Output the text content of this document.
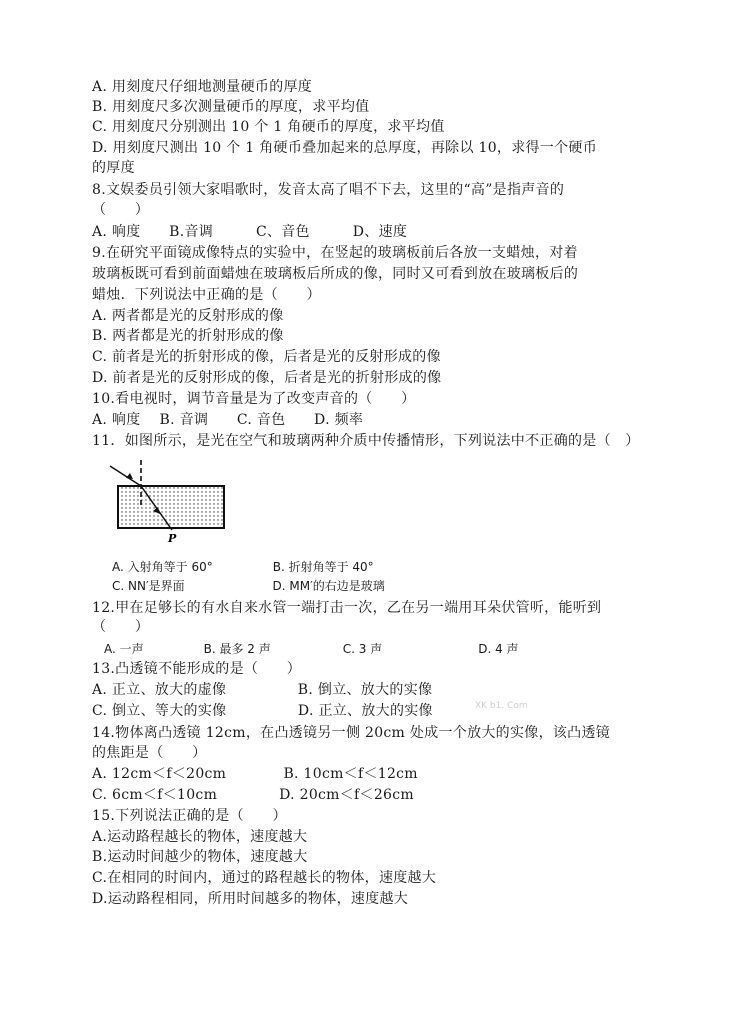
A. 用刻度尺仔细地测量硬币的厚度
B. 用刻度尺多次测量硬币的厚度，求平均值
C. 用刻度尺分别测出 10 个 1 角硬币的厚度，求平均值
D. 用刻度尺测出 10 个 1 角硬币叠加起来的总厚度，再除以 10，求得一个硬币
的厚度
8.文娱委员引领大家唱歌时，发音太高了唱不下去，这里的“高”是指声音的
（　　）
A. 响度　　B.音调　　　C、音色　　　D、速度
9.在研究平面镜成像特点的实验中，在竖起的玻璃板前后各放一支蜡烛，对着
玻璃板既可看到前面蜡烛在玻璃板后所成的像，同时又可看到放在玻璃板后的
蜡烛．下列说法中正确的是（　　）
A. 两者都是光的反射形成的像
B. 两者都是光的折射形成的像
C. 前者是光的折射形成的像，后者是光的反射形成的像
D. 前者是光的反射形成的像，后者是光的折射形成的像
10.看电视时，调节音量是为了改变声音的（　　）
A. 响度　 B. 音调　　C. 音色　　D. 频率
11．如图所示，是光在空气和玻璃两种介质中传播情形，下列说法中不正确的是（　）
P
A. 入射角等于 60°　　　　　B. 折射角等于 40°
C. NN′是界面　　　　　　　 D. MM′的右边是玻璃
12.甲在足够长的有水自来水管一端打击一次，乙在另一端用耳朵伏管听，能听到
（　　）
A. 一声　　　　　B. 最多 2 声　　　　　　C. 3 声　　　　　　　　D. 4 声
13.凸透镜不能形成的是（　　）
A. 正立、放大的虚像　　　　　B. 倒立、放大的实像
C. 倒立、等大的实像　　　　　D. 正立、放大的实像	XK b1. Com
14.物体离凸透镜 12cm，在凸透镜另一侧 20cm 处成一个放大的实像，该凸透镜
的焦距是（　　）
A. 12cm＜f＜20cm　　　　B. 10cm＜f＜12cm
C. 6cm＜f＜10cm　　　　 D. 20cm＜f＜26cm
15.下列说法正确的是（　　）
A.运动路程越长的物体，速度越大
B.运动时间越少的物体，速度越大
C.在相同的时间内，通过的路程越长的物体，速度越大
D.运动路程相同，所用时间越多的物体，速度越大
